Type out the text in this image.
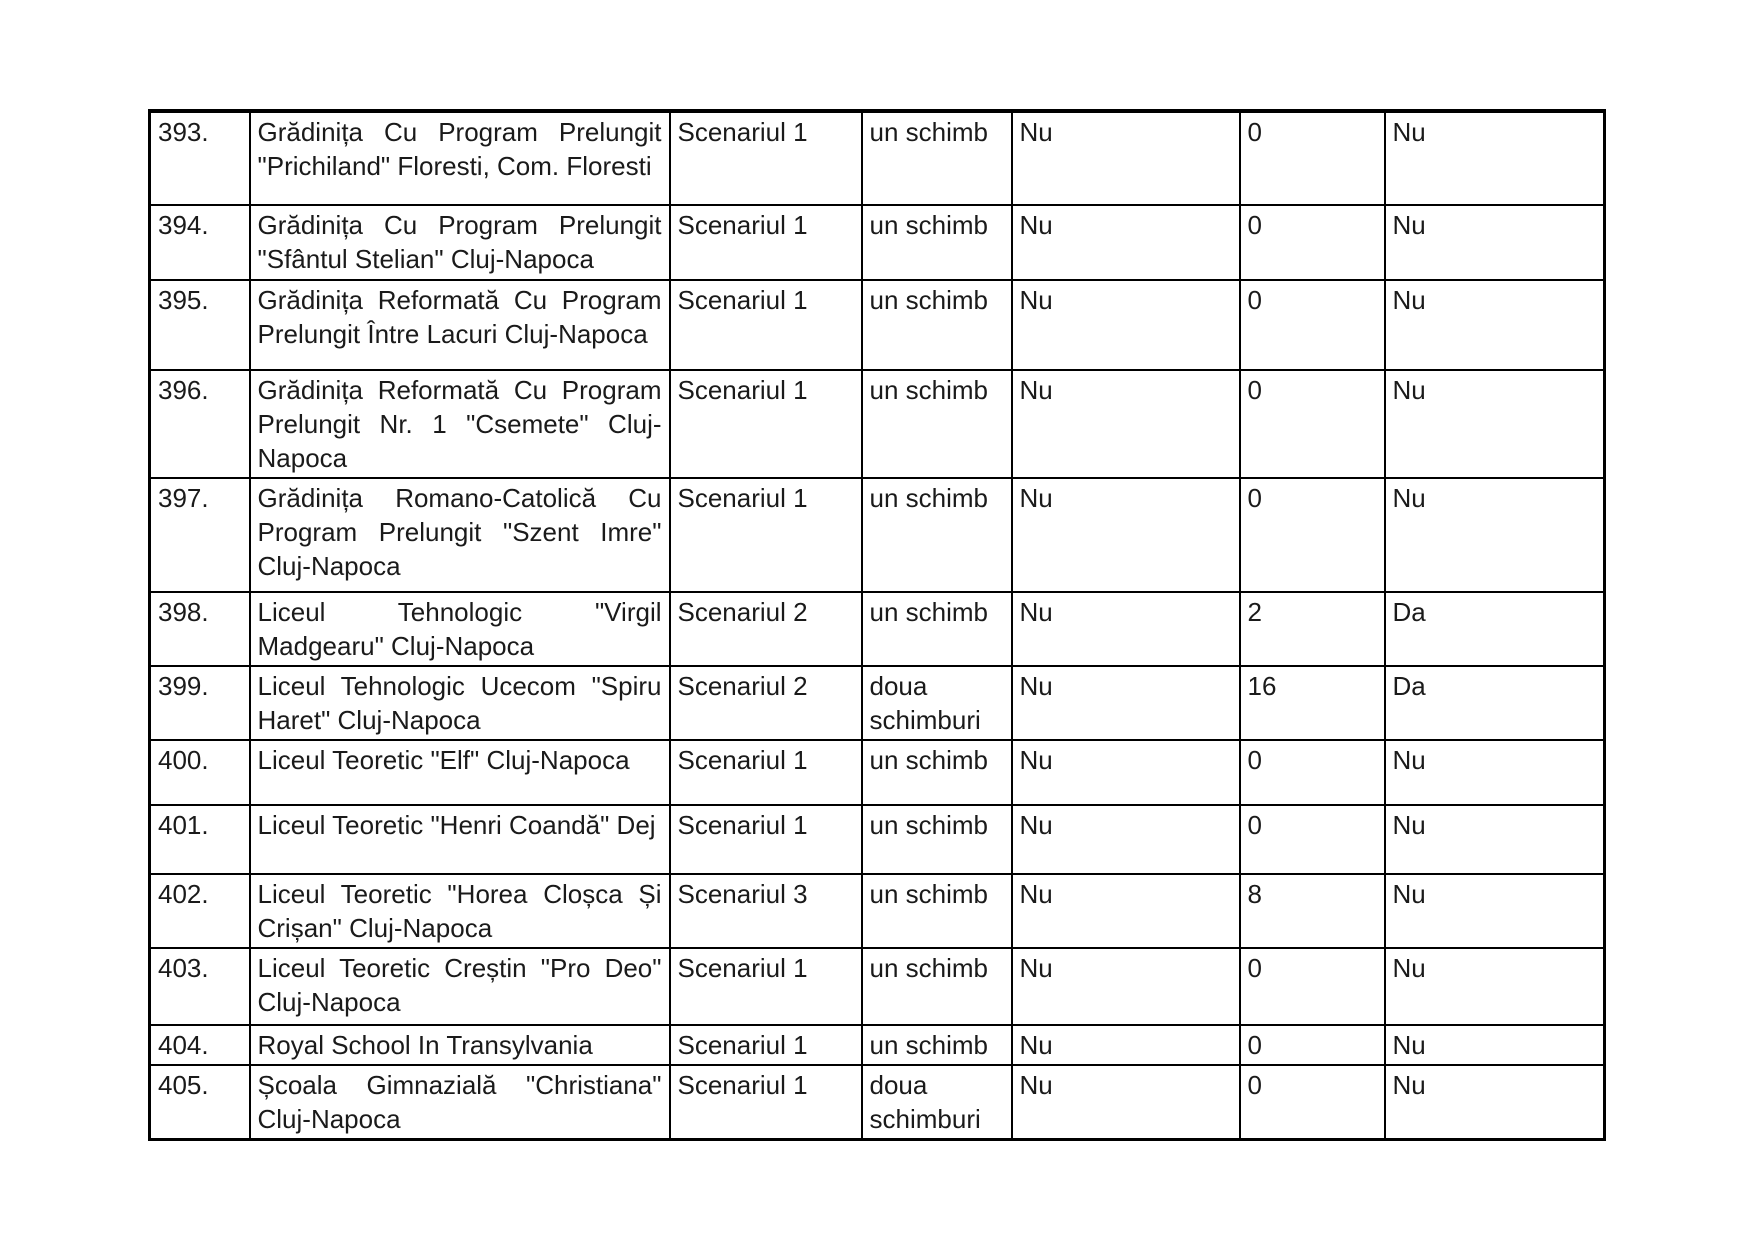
393.	Grădinița Cu Program Prelungit "Prichiland" Floresti, Com. Floresti	Scenariul 1	un schimb	Nu	0	Nu
394.	Grădinița Cu Program Prelungit "Sfântul Stelian" Cluj-Napoca	Scenariul 1	un schimb	Nu	0	Nu
395.	Grădinița Reformată Cu Program Prelungit Între Lacuri Cluj-Napoca	Scenariul 1	un schimb	Nu	0	Nu
396.	Grădinița Reformată Cu Program Prelungit Nr. 1 "Csemete" Cluj-Napoca	Scenariul 1	un schimb	Nu	0	Nu
397.	Grădinița Romano-Catolică Cu Program Prelungit "Szent Imre" Cluj-Napoca	Scenariul 1	un schimb	Nu	0	Nu
398.	Liceul Tehnologic "Virgil Madgearu" Cluj-Napoca	Scenariul 2	un schimb	Nu	2	Da
399.	Liceul Tehnologic Ucecom "Spiru Haret" Cluj-Napoca	Scenariul 2	doua schimburi	Nu	16	Da
400.	Liceul Teoretic "Elf" Cluj-Napoca	Scenariul 1	un schimb	Nu	0	Nu
401.	Liceul Teoretic "Henri Coandă" Dej	Scenariul 1	un schimb	Nu	0	Nu
402.	Liceul Teoretic "Horea Cloșca Și Crișan" Cluj-Napoca	Scenariul 3	un schimb	Nu	8	Nu
403.	Liceul Teoretic Creștin "Pro Deo" Cluj‑Napoca	Scenariul 1	un schimb	Nu	0	Nu
404.	Royal School In Transylvania	Scenariul 1	un schimb	Nu	0	Nu
405.	Școala Gimnazială "Christiana" Cluj-Napoca	Scenariul 1	doua schimburi	Nu	0	Nu
